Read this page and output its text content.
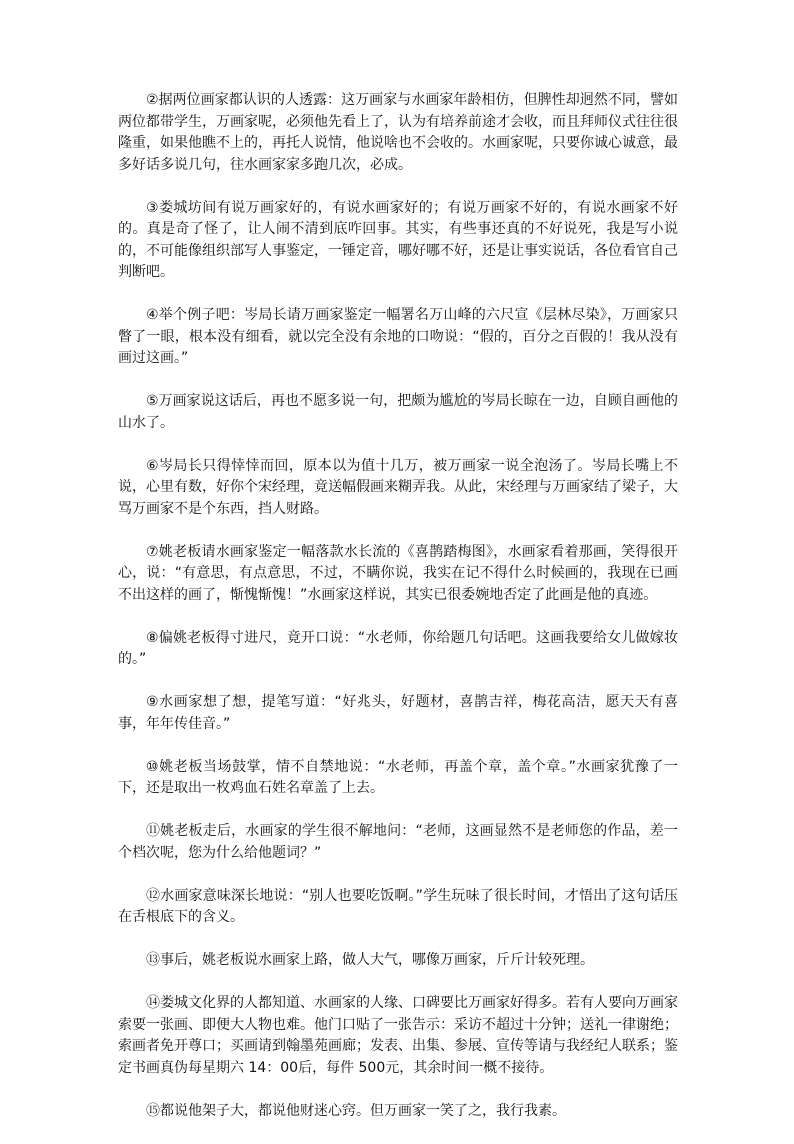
②据两位画家都认识的人透露：这万画家与水画家年龄相仿，但脾性却迥然不同，譬如两位都带学生，万画家呢，必须他先看上了，认为有培养前途才会收，而且拜师仪式往往很隆重，如果他瞧不上的，再托人说情，他说啥也不会收的。水画家呢，只要你诚心诚意，最多好话多说几句，往水画家家多跑几次，必成。

③娄城坊间有说万画家好的，有说水画家好的；有说万画家不好的，有说水画家不好的。真是奇了怪了，让人闹不清到底咋回事。其实，有些事还真的不好说死，我是写小说的，不可能像组织部写人事鉴定，一锤定音，哪好哪不好，还是让事实说话，各位看官自己判断吧。

④举个例子吧：岑局长请万画家鉴定一幅署名万山峰的六尺宣《层林尽染》，万画家只瞥了一眼，根本没有细看，就以完全没有余地的口吻说：“假的，百分之百假的！我从没有画过这画。”

⑤万画家说这话后，再也不愿多说一句，把颇为尴尬的岑局长晾在一边，自顾自画他的山水了。

⑥岑局长只得悻悻而回，原本以为值十几万，被万画家一说全泡汤了。岑局长嘴上不说，心里有数，好你个宋经理，竟送幅假画来糊弄我。从此，宋经理与万画家结了梁子，大骂万画家不是个东西，挡人财路。

⑦姚老板请水画家鉴定一幅落款水长流的《喜鹊踏梅图》，水画家看着那画，笑得很开心，说：“有意思，有点意思，不过，不瞒你说，我实在记不得什么时候画的，我现在已画不出这样的画了，惭愧惭愧！”水画家这样说，其实已很委婉地否定了此画是他的真迹。

⑧偏姚老板得寸进尺，竟开口说：“水老师，你给题几句话吧。这画我要给女儿做嫁妆的。”

⑨水画家想了想，提笔写道：“好兆头，好题材，喜鹊吉祥，梅花高洁，愿天天有喜事，年年传佳音。”

⑩姚老板当场鼓掌，情不自禁地说：“水老师，再盖个章，盖个章。”水画家犹豫了一下，还是取出一枚鸡血石姓名章盖了上去。

⑪姚老板走后，水画家的学生很不解地问：“老师，这画显然不是老师您的作品，差一个档次呢，您为什么给他题词？”

⑫水画家意味深长地说：“别人也要吃饭啊。”学生玩味了很长时间，才悟出了这句话压在舌根底下的含义。

⑬事后，姚老板说水画家上路，做人大气，哪像万画家，斤斤计较死理。

⑭娄城文化界的人都知道、水画家的人缘、口碑要比万画家好得多。若有人要向万画家索要一张画、即便大人物也难。他门口贴了一张告示：采访不超过十分钟；送礼一律谢绝；索画者免开尊口；买画请到翰墨苑画廊；发表、出集、参展、宣传等请与我经纪人联系；鉴定书画真伪每星期六 14：00后，每件 500元，其余时间一概不接待。

⑮都说他架子大，都说他财迷心窍。但万画家一笑了之，我行我素。
